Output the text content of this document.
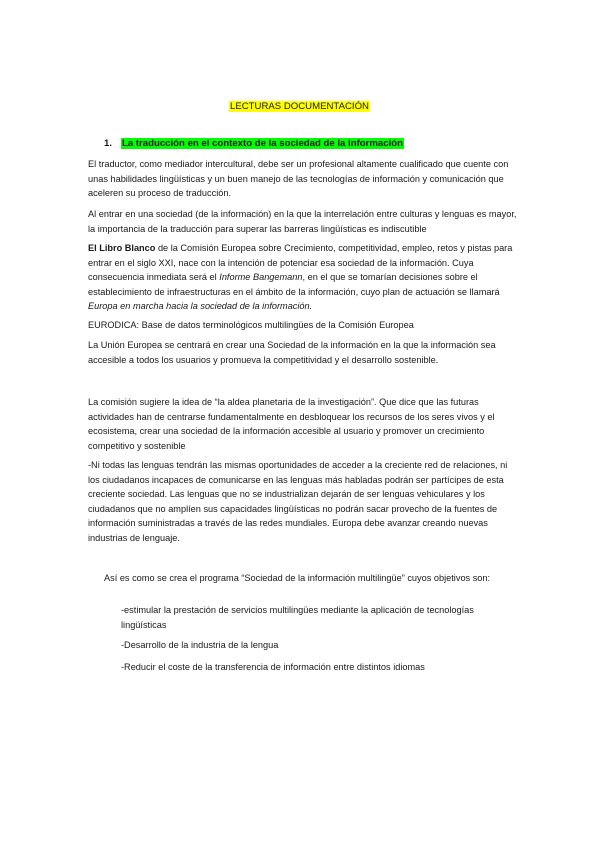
LECTURAS DOCUMENTACIÓN
1. La traducción en el contexto de la sociedad de la información

El traductor, como mediador intercultural, debe ser un profesional altamente cualificado que cuente con unas habilidades lingüísticas y un buen manejo de las tecnologías de información y comunicación que aceleren su proceso de traducción.

Al entrar en una sociedad (de la información) en la que la interrelación entre culturas y lenguas es mayor, la importancia de la traducción para superar las barreras lingüísticas es indiscutible

El Libro Blanco de la Comisión Europea sobre Crecimiento, competitividad, empleo, retos y pistas para entrar en el siglo XXI, nace con la intención de potenciar esa sociedad de la información. Cuya consecuencia inmediata será el Informe Bangemann, en el que se tomarían decisiones sobre el establecimiento de infraestructuras en el ámbito de la información, cuyo plan de actuación se llamará Europa en marcha hacia la sociedad de la información.

EURODICA: Base de datos terminológicos multilingües de la Comisión Europea

La Unión Europea se centrará en crear una Sociedad de la información en la que la información sea accesible a todos los usuarios y promueva la competitividad y el desarrollo sostenible.

La comisión sugiere la idea de “la aldea planetaria de la investigación”. Que dice que las futuras actividades han de centrarse fundamentalmente en desbloquear los recursos de los seres vivos y el ecosistema, crear una sociedad de la información accesible al usuario y promover un crecimiento competitivo y sostenible

-Ni todas las lenguas tendrán las mismas oportunidades de acceder a la creciente red de relaciones, ni los ciudadanos incapaces de comunicarse en las lenguas más habladas podrán ser partícipes de esta creciente sociedad. Las lenguas que no se industrializan dejarán de ser lenguas vehiculares y los ciudadanos que no amplíen sus capacidades lingüísticas no podrán sacar provecho de la fuentes de información suministradas a través de las redes mundiales. Europa debe avanzar creando nuevas industrias de lenguaje.

Así es como se crea el programa “Sociedad de la información multilingüe” cuyos objetivos son:

-estimular la prestación de servicios multilingües mediante la aplicación de tecnologías lingüísticas

-Desarrollo de la industria de la lengua

-Reducir el coste de la transferencia de información entre distintos idiomas
